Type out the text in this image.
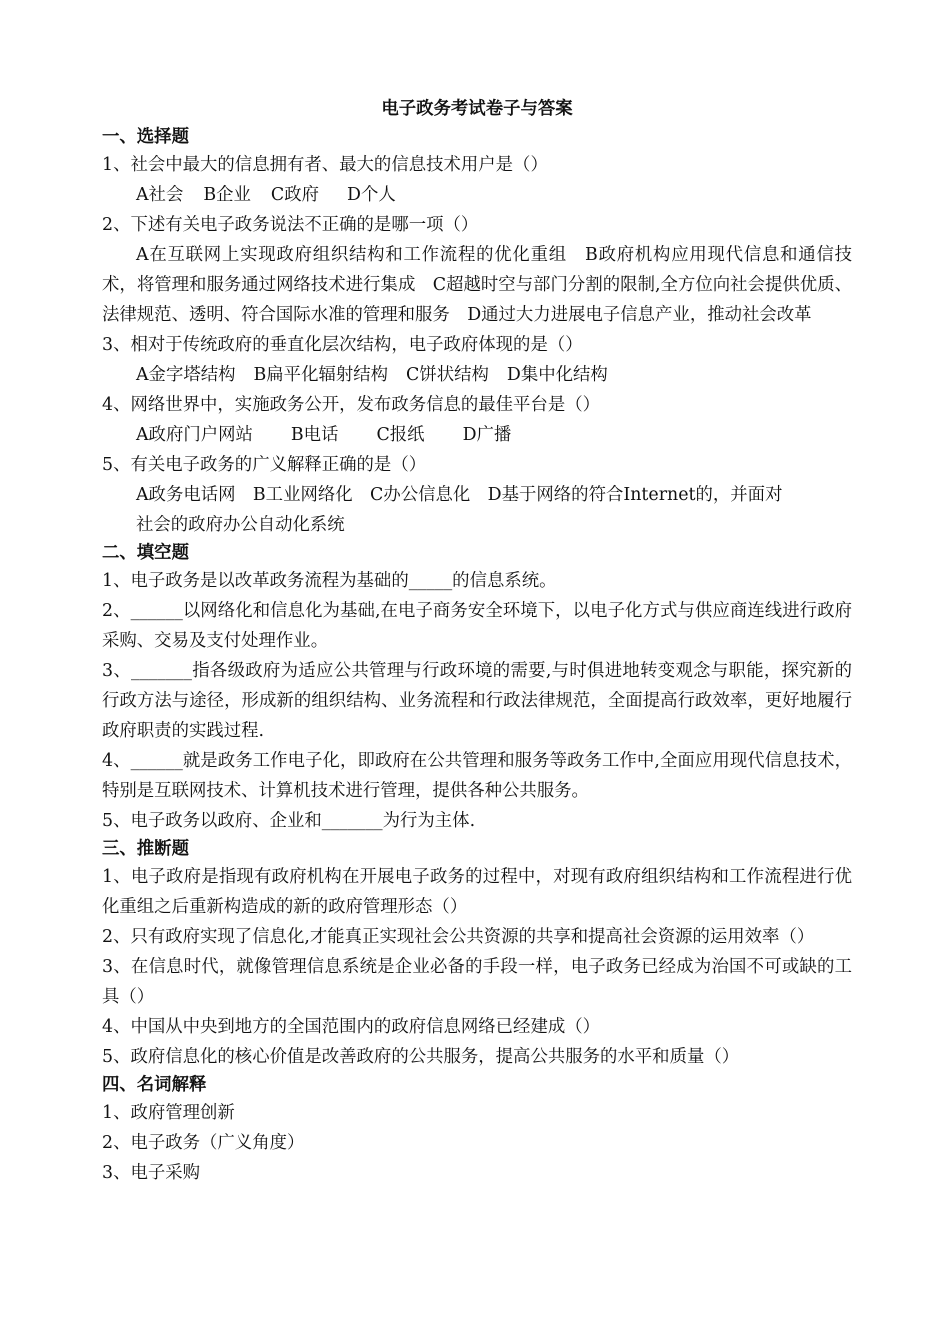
电子政务考试卷子与答案
一、选择题
1、社会中最大的信息拥有者、最大的信息技术用户是（）
A社会 B企业 C政府 D个人
2、下述有关电子政务说法不正确的是哪一项（）
A在互联网上实现政府组织结构和工作流程的优化重组　B政府机构应用现代信息和通信技术，将管理和服务通过网络技术进行集成　C超越时空与部门分割的限制,全方位向社会提供优质、法律规范、透明、符合国际水准的管理和服务　D通过大力进展电子信息产业，推动社会改革
3、相对于传统政府的垂直化层次结构，电子政府体现的是（）
A金字塔结构 B扁平化辐射结构 C饼状结构 D集中化结构
4、网络世界中，实施政务公开，发布政务信息的最佳平台是（）
A政府门户网站 B电话 C报纸 D广播
5、有关电子政务的广义解释正确的是（）
A政务电话网　B工业网络化　C办公信息化　D基于网络的符合Internet的，并面对
社会的政府办公自动化系统
二、填空题
1、电子政务是以改革政务流程为基础的_____的信息系统。
2、______以网络化和信息化为基础,在电子商务安全环境下，以电子化方式与供应商连线进行政府采购、交易及支付处理作业。
3、_______指各级政府为适应公共管理与行政环境的需要,与时俱进地转变观念与职能，探究新的行政方法与途径，形成新的组织结构、业务流程和行政法律规范，全面提高行政效率，更好地履行政府职责的实践过程.
4、______就是政务工作电子化，即政府在公共管理和服务等政务工作中,全面应用现代信息技术，特别是互联网技术、计算机技术进行管理，提供各种公共服务。
5、电子政务以政府、企业和_______为行为主体.
三、推断题
1、电子政府是指现有政府机构在开展电子政务的过程中，对现有政府组织结构和工作流程进行优化重组之后重新构造成的新的政府管理形态（）
2、只有政府实现了信息化,才能真正实现社会公共资源的共享和提高社会资源的运用效率（）
3、在信息时代，就像管理信息系统是企业必备的手段一样，电子政务已经成为治国不可或缺的工具（）
4、中国从中央到地方的全国范围内的政府信息网络已经建成（）
5、政府信息化的核心价值是改善政府的公共服务，提高公共服务的水平和质量（）
四、名词解释
1、政府管理创新
2、电子政务（广义角度）
3、电子采购
